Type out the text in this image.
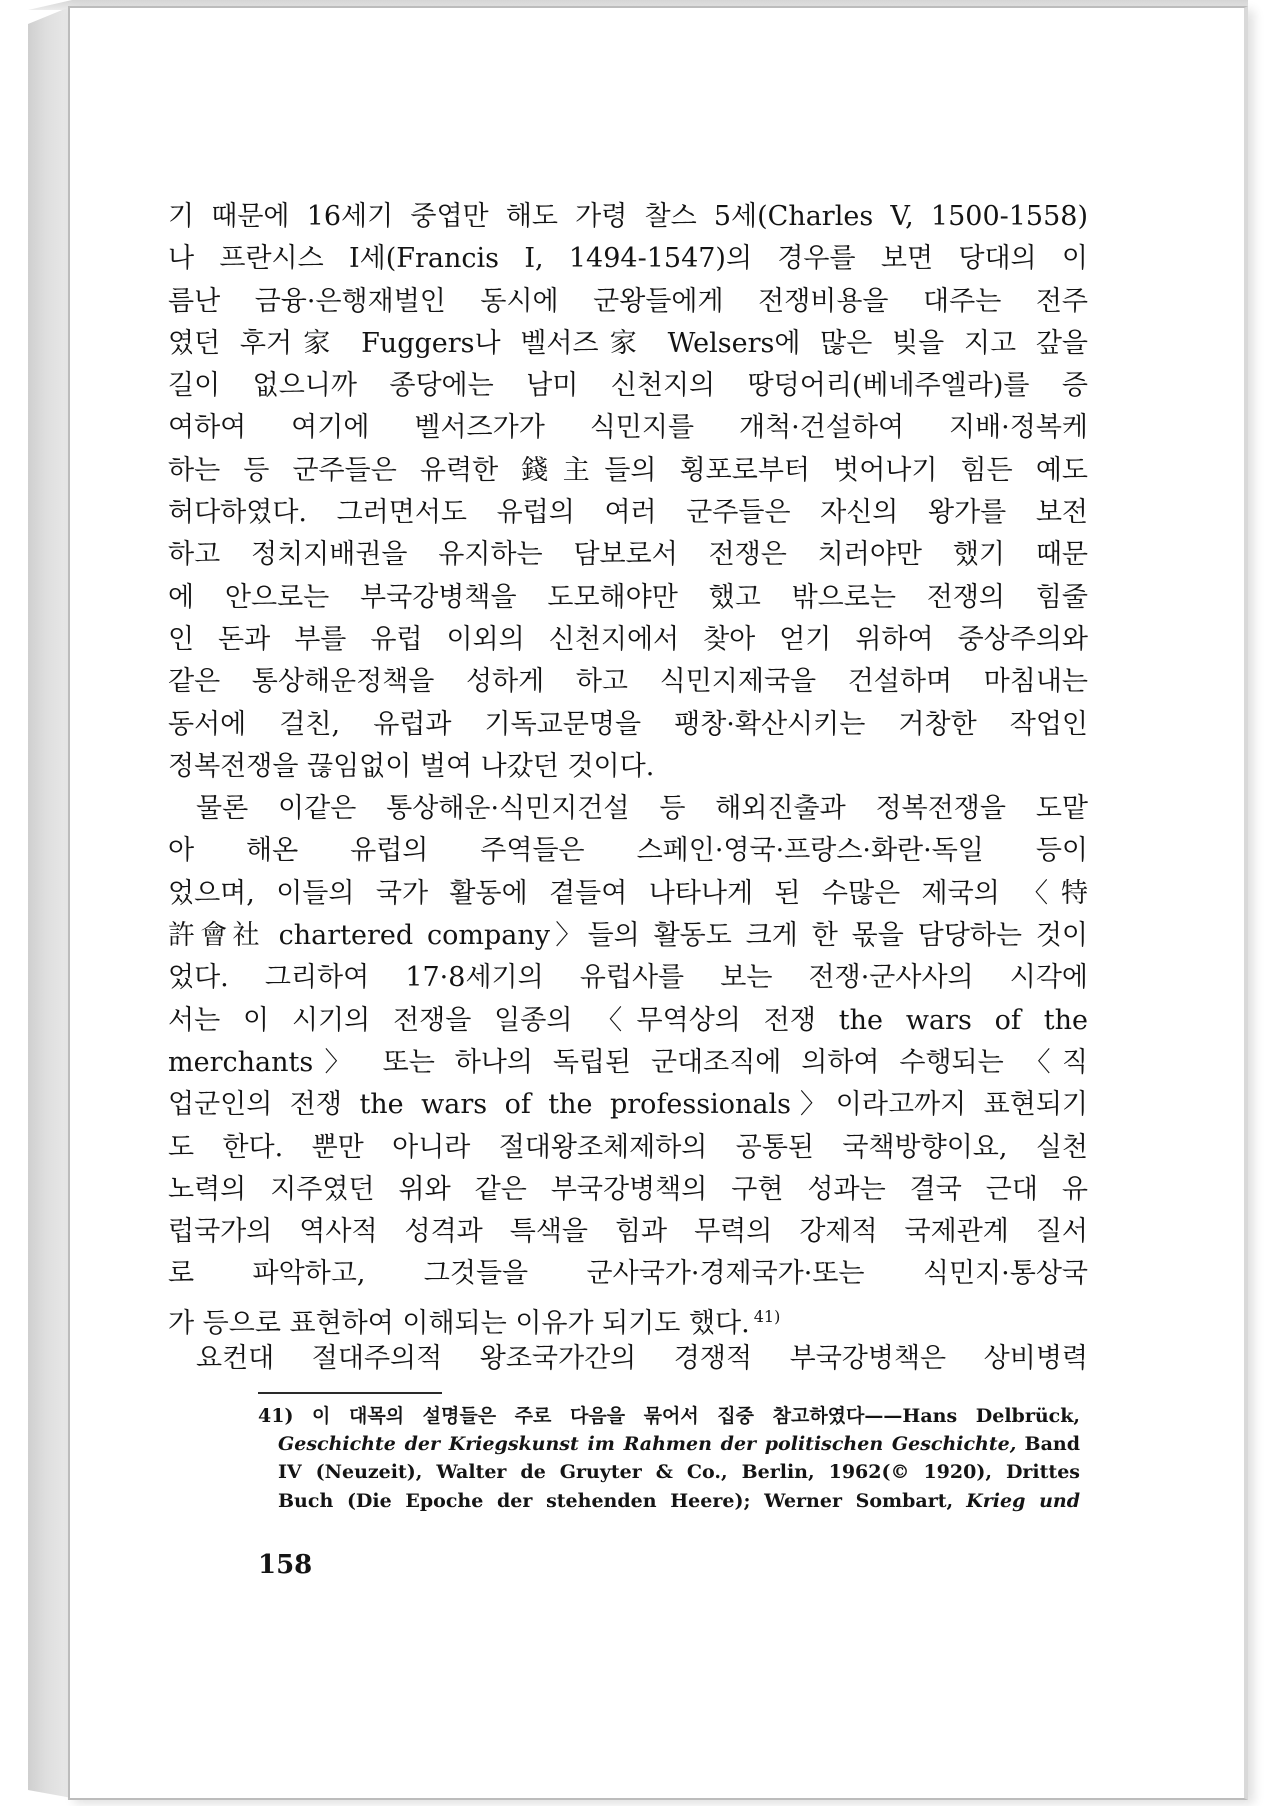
기 때문에 16세기 중엽만 해도 가령 찰스 5세(Charles V, 1500-1558)

나 프란시스 I세(Francis I, 1494-1547)의 경우를 보면 당대의 이

름난 금융·은행재벌인 동시에 군왕들에게 전쟁비용을 대주는 전주

였던 후거家 Fuggers나 벨서즈家 Welsers에 많은 빚을 지고 갚을

길이 없으니까 종당에는 남미 신천지의 땅덩어리(베네주엘라)를 증

여하여 여기에 벨서즈가가 식민지를 개척·건설하여 지배·정복케

하는 등 군주들은 유력한 錢主들의 횡포로부터 벗어나기 힘든 예도

허다하였다. 그러면서도 유럽의 여러 군주들은 자신의 왕가를 보전

하고 정치지배권을 유지하는 담보로서 전쟁은 치러야만 했기 때문

에 안으로는 부국강병책을 도모해야만 했고 밖으로는 전쟁의 힘줄

인 돈과 부를 유럽 이외의 신천지에서 찾아 얻기 위하여 중상주의와

같은 통상해운정책을 성하게 하고 식민지제국을 건설하며 마침내는

동서에 걸친, 유럽과 기독교문명을 팽창·확산시키는 거창한 작업인

정복전쟁을 끊임없이 벌여 나갔던 것이다.

물론 이같은 통상해운·식민지건설 등 해외진출과 정복전쟁을 도맡

아 해온 유럽의 주역들은 스페인·영국·프랑스·화란·독일 등이

었으며, 이들의 국가 활동에 곁들여 나타나게 된 수많은 제국의 〈特

許會社 chartered company〉들의 활동도 크게 한 몫을 담당하는 것이

었다. 그리하여 17·8세기의 유럽사를 보는 전쟁·군사사의 시각에

서는 이 시기의 전쟁을 일종의 〈무역상의 전쟁 the wars of the

merchants〉 또는 하나의 독립된 군대조직에 의하여 수행되는 〈직

업군인의 전쟁 the wars of the professionals〉이라고까지 표현되기

도 한다. 뿐만 아니라 절대왕조체제하의 공통된 국책방향이요, 실천

노력의 지주였던 위와 같은 부국강병책의 구현 성과는 결국 근대 유

럽국가의 역사적 성격과 특색을 힘과 무력의 강제적 국제관계 질서

로 파악하고, 그것들을 군사국가·경제국가·또는 식민지·통상국

가 등으로 표현하여 이해되는 이유가 되기도 했다. $^{41)}$

요컨대 절대주의적 왕조국가간의 경쟁적 부국강병책은 상비병력

41) 이 대목의 설명들은 주로 다음을 묶어서 집중 참고하였다——Hans Delbrück,

Geschichte der Kriegskunst im Rahmen der politischen Geschichte, Band

IV (Neuzeit), Walter de Gruyter & Co., Berlin, 1962(© 1920), Drittes

Buch (Die Epoche der stehenden Heere); Werner Sombart, Krieg und

158
